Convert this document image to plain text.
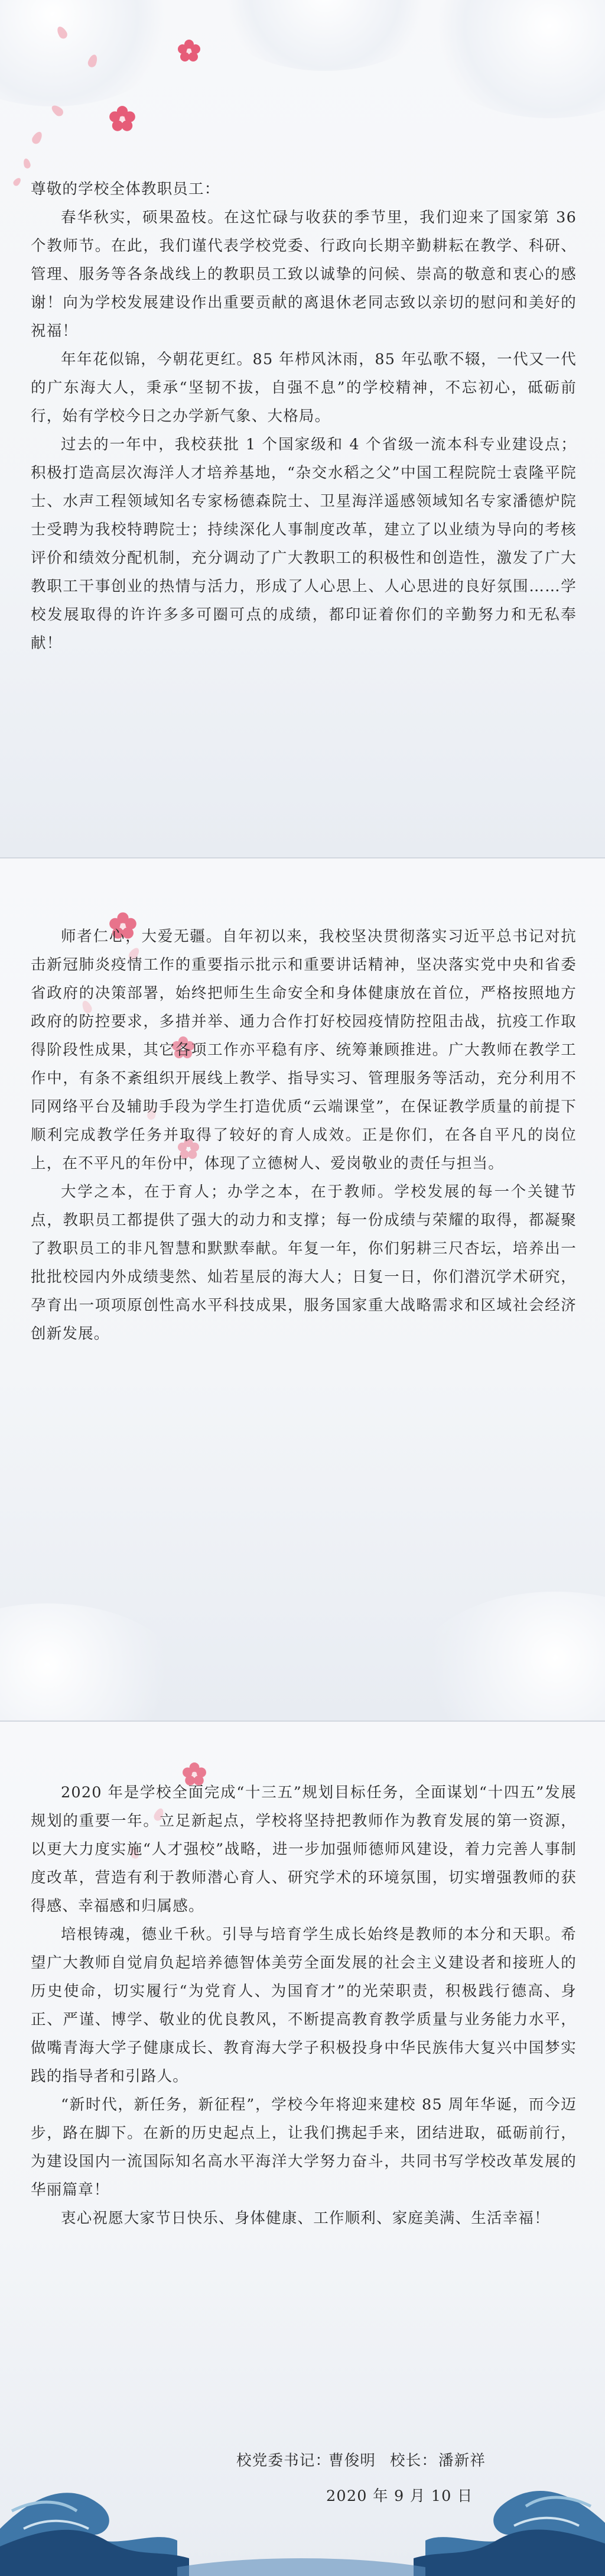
尊敬的学校全体教职员工：

春华秋实，硕果盈枝。在这忙碌与收获的季节里，我们迎来了国家第 36 个教师节。在此，我们谨代表学校党委、行政向长期辛勤耕耘在教学、科研、管理、服务等各条战线上的教职员工致以诚挚的问候、崇高的敬意和衷心的感谢！向为学校发展建设作出重要贡献的离退休老同志致以亲切的慰问和美好的祝福！

年年花似锦，今朝花更红。85 年栉风沐雨，85 年弘歌不辍，一代又一代的广东海大人，秉承“坚韧不拔，自强不息”的学校精神，不忘初心，砥砺前行，始有学校今日之办学新气象、大格局。

过去的一年中，我校获批 1 个国家级和 4 个省级一流本科专业建设点；积极打造高层次海洋人才培养基地，“杂交水稻之父”中国工程院院士袁隆平院士、水声工程领域知名专家杨德森院士、卫星海洋遥感领域知名专家潘德炉院士受聘为我校特聘院士；持续深化人事制度改革，建立了以业绩为导向的考核评价和绩效分配机制，充分调动了广大教职工的积极性和创造性，激发了广大教职工干事创业的热情与活力，形成了人心思上、人心思进的良好氛围……学校发展取得的许许多多可圈可点的成绩，都印证着你们的辛勤努力和无私奉献！

师者仁心，大爱无疆。自年初以来，我校坚决贯彻落实习近平总书记对抗击新冠肺炎疫情工作的重要指示批示和重要讲话精神，坚决落实党中央和省委省政府的决策部署，始终把师生生命安全和身体健康放在首位，严格按照地方政府的防控要求，多措并举、通力合作打好校园疫情防控阻击战，抗疫工作取得阶段性成果，其它各项工作亦平稳有序、统筹兼顾推进。广大教师在教学工作中，有条不紊组织开展线上教学、指导实习、管理服务等活动，充分利用不同网络平台及辅助手段为学生打造优质“云端课堂”，在保证教学质量的前提下顺利完成教学任务并取得了较好的育人成效。正是你们，在各自平凡的岗位上，在不平凡的年份中，体现了立德树人、爱岗敬业的责任与担当。

大学之本，在于育人；办学之本，在于教师。学校发展的每一个关键节点，教职员工都提供了强大的动力和支撑；每一份成绩与荣耀的取得，都凝聚了教职员工的非凡智慧和默默奉献。年复一年，你们躬耕三尺杏坛，培养出一批批校园内外成绩斐然、灿若星辰的海大人；日复一日，你们潜沉学术研究，孕育出一项项原创性高水平科技成果，服务国家重大战略需求和区域社会经济创新发展。

2020 年是学校全面完成“十三五”规划目标任务，全面谋划“十四五”发展规划的重要一年。立足新起点，学校将坚持把教师作为教育发展的第一资源，以更大力度实施“人才强校”战略，进一步加强师德师风建设，着力完善人事制度改革，营造有利于教师潜心育人、研究学术的环境氛围，切实增强教师的获得感、幸福感和归属感。

培根铸魂，德业千秋。引导与培育学生成长始终是教师的本分和天职。希望广大教师自觉肩负起培养德智体美劳全面发展的社会主义建设者和接班人的历史使命，切实履行“为党育人、为国育才”的光荣职责，积极践行德高、身正、严谨、博学、敬业的优良教风，不断提高教育教学质量与业务能力水平，做嘴青海大学子健康成长、教育海大学子积极投身中华民族伟大复兴中国梦实践的指导者和引路人。

“新时代，新任务，新征程”，学校今年将迎来建校 85 周年华诞，而今迈步，路在脚下。在新的历史起点上，让我们携起手来，团结进取，砥砺前行，为建设国内一流国际知名高水平海洋大学努力奋斗，共同书写学校改革发展的华丽篇章！

衷心祝愿大家节日快乐、身体健康、工作顺利、家庭美满、生活幸福！

校党委书记：
曹俊明 校长： 潘新祥
2020 年 9 月 10 日
